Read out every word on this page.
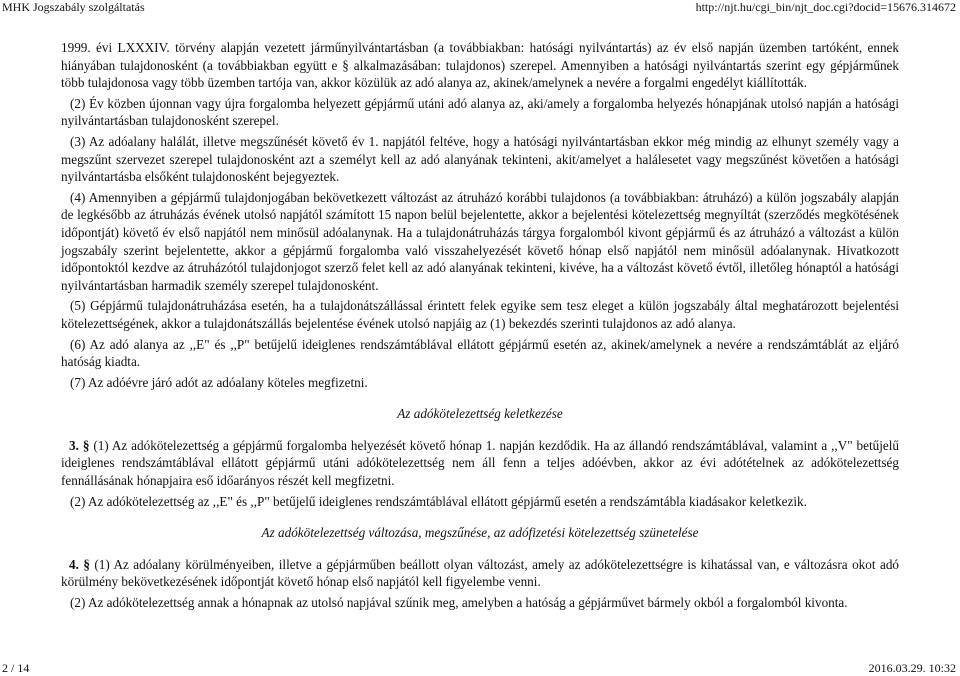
MHK Jogszabály szolgáltatás	http://njt.hu/cgi_bin/njt_doc.cgi?docid=15676.314672

1999. évi LXXXIV. törvény alapján vezetett járműnyilvántartásban (a továbbiakban: hatósági nyilvántartás) az év első napján üzemben tartóként, ennek hiányában tulajdonosként (a továbbiakban együtt e § alkalmazásában: tulajdonos) szerepel. Amennyiben a hatósági nyilvántartás szerint egy gépjárműnek több tulajdonosa vagy több üzemben tartója van, akkor közülük az adó alanya az, akinek/amelynek a nevére a forgalmi engedélyt kiállították.

(2) Év közben újonnan vagy újra forgalomba helyezett gépjármű utáni adó alanya az, aki/amely a forgalomba helyezés hónapjának utolsó napján a hatósági nyilvántartásban tulajdonosként szerepel.

(3) Az adóalany halálát, illetve megszűnését követő év 1. napjától feltéve, hogy a hatósági nyilvántartásban ekkor még mindig az elhunyt személy vagy a megszűnt szervezet szerepel tulajdonosként azt a személyt kell az adó alanyának tekinteni, akit/amelyet a halálesetet vagy megszűnést követően a hatósági nyilvántartásba elsőként tulajdonosként bejegyeztek.

(4) Amennyiben a gépjármű tulajdonjogában bekövetkezett változást az átruházó korábbi tulajdonos (a továbbiakban: átruházó) a külön jogszabály alapján de legkésőbb az átruházás évének utolsó napjától számított 15 napon belül bejelentette, akkor a bejelentési kötelezettség megnyíltát (szerződés megkötésének időpontját) követő év első napjától nem minősül adóalanynak. Ha a tulajdonátruházás tárgya forgalomból kivont gépjármű és az átruházó a változást a külön jogszabály szerint bejelentette, akkor a gépjármű forgalomba való visszahelyezését követő hónap első napjától nem minősül adóalanynak. Hivatkozott időpontoktól kezdve az átruházótól tulajdonjogot szerző felet kell az adó alanyának tekinteni, kivéve, ha a változást követő évtől, illetőleg hónaptól a hatósági nyilvántartásban harmadik személy szerepel tulajdonosként.

(5) Gépjármű tulajdonátruházása esetén, ha a tulajdonátszállással érintett felek egyike sem tesz eleget a külön jogszabály által meghatározott bejelentési kötelezettségének, akkor a tulajdonátszállás bejelentése évének utolsó napjáig az (1) bekezdés szerinti tulajdonos az adó alanya.

(6) Az adó alanya az ,,E" és ,,P" betűjelű ideiglenes rendszámtáblával ellátott gépjármű esetén az, akinek/amelynek a nevére a rendszámtáblát az eljáró hatóság kiadta.

(7) Az adóévre járó adót az adóalany köteles megfizetni.

Az adókötelezettség keletkezése

3. § (1) Az adókötelezettség a gépjármű forgalomba helyezését követő hónap 1. napján kezdődik. Ha az állandó rendszámtáblával, valamint a ,,V" betűjelű ideiglenes rendszámtáblával ellátott gépjármű utáni adókötelezettség nem áll fenn a teljes adóévben, akkor az évi adótételnek az adókötelezettség fennállásának hónapjaira eső időarányos részét kell megfizetni.

(2) Az adókötelezettség az ,,E" és ,,P" betűjelű ideiglenes rendszámtáblával ellátott gépjármű esetén a rendszámtábla kiadásakor keletkezik.

Az adókötelezettség változása, megszűnése, az adófizetési kötelezettség szünetelése

4. § (1) Az adóalany körülményeiben, illetve a gépjárműben beállott olyan változást, amely az adókötelezettségre is kihatással van, e változásra okot adó körülmény bekövetkezésének időpontját követő hónap első napjától kell figyelembe venni.

(2) Az adókötelezettség annak a hónapnak az utolsó napjával szűnik meg, amelyben a hatóság a gépjárművet bármely okból a forgalomból kivonta.

2 / 14	2016.03.29. 10:32
